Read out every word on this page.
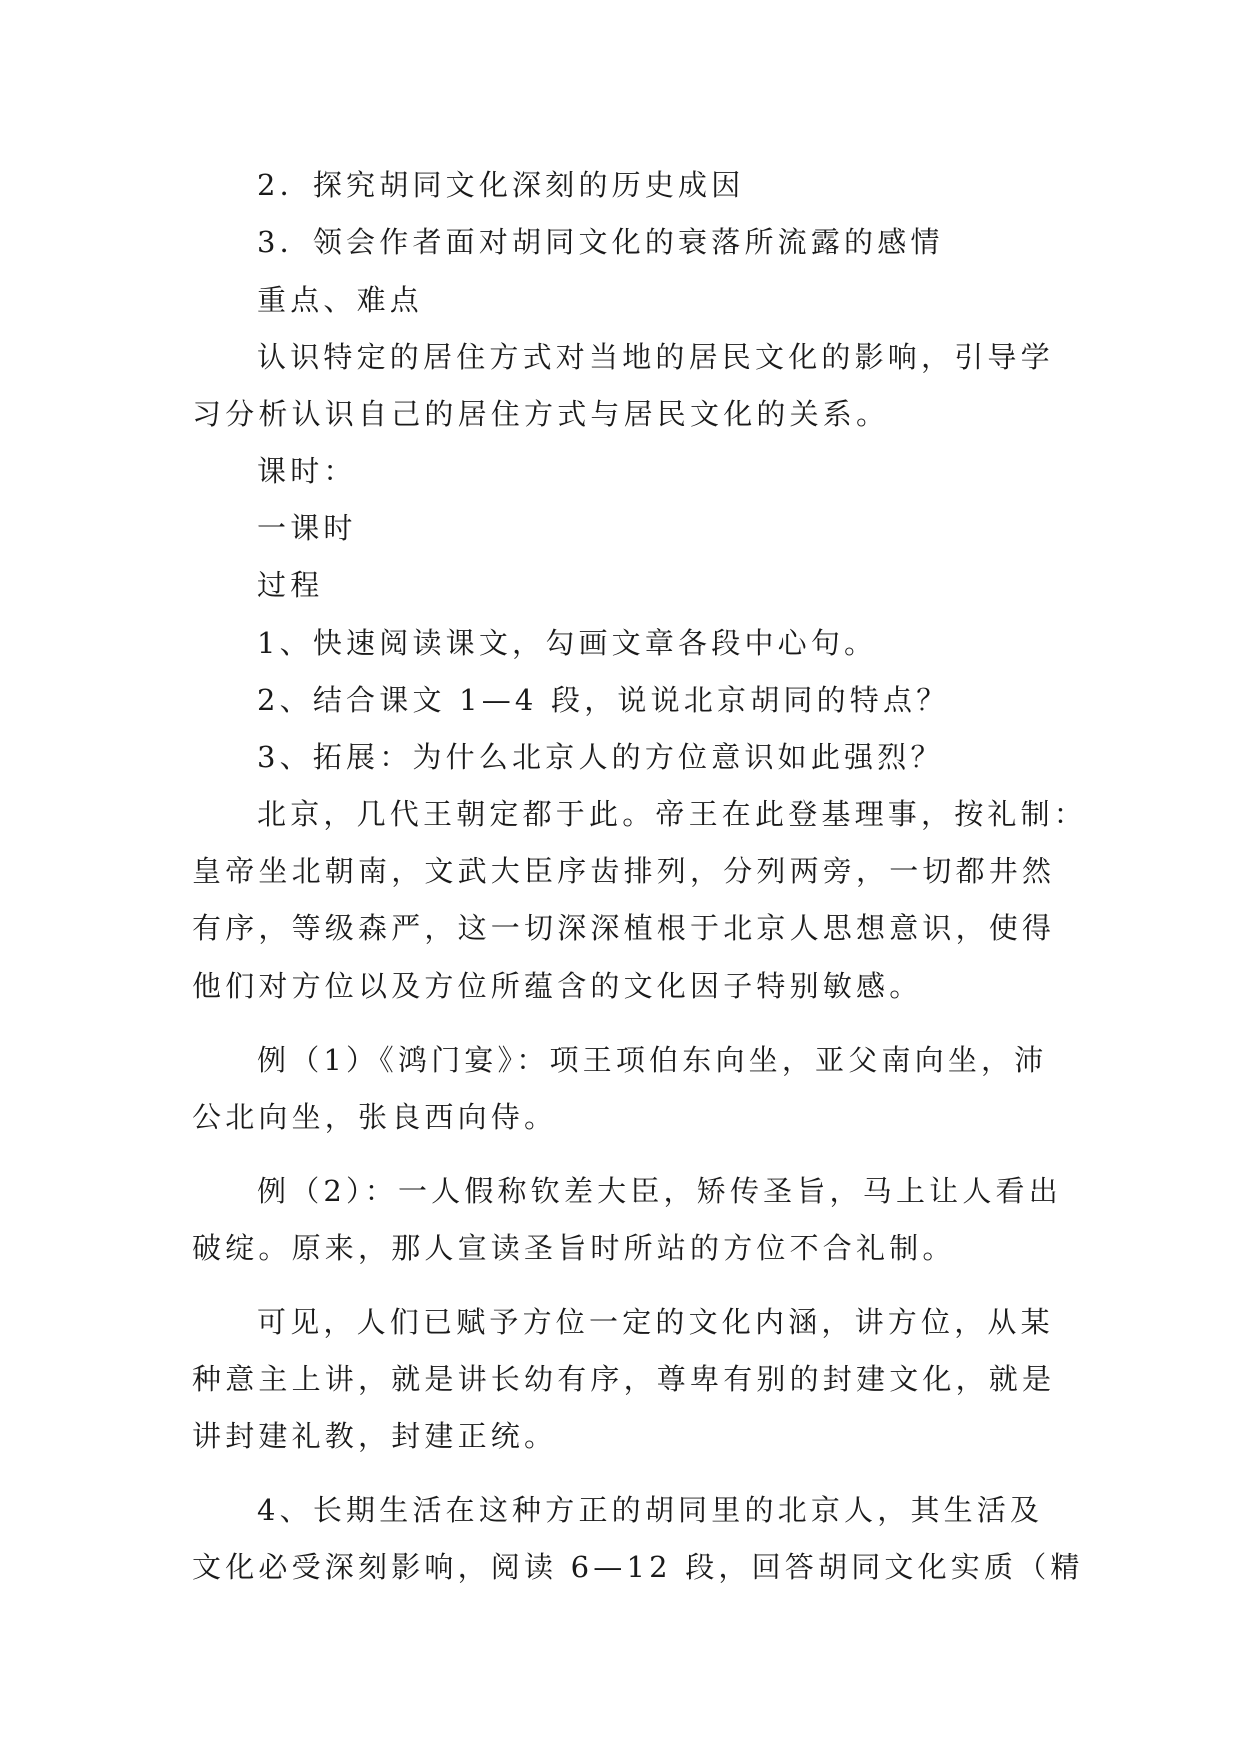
2．探究胡同文化深刻的历史成因
3．领会作者面对胡同文化的衰落所流露的感情
重点、难点
认识特定的居住方式对当地的居民文化的影响，引导学
习分析认识自己的居住方式与居民文化的关系。
课时：
一课时
过程
1、快速阅读课文，勾画文章各段中心句。
2、结合课文 1—4 段，说说北京胡同的特点？
3、拓展：为什么北京人的方位意识如此强烈？
北京，几代王朝定都于此。帝王在此登基理事，按礼制：
皇帝坐北朝南，文武大臣序齿排列，分列两旁，一切都井然
有序，等级森严，这一切深深植根于北京人思想意识，使得
他们对方位以及方位所蕴含的文化因子特别敏感。
例（1）《鸿门宴》：项王项伯东向坐，亚父南向坐，沛
公北向坐，张良西向侍。
例（2）：一人假称钦差大臣，矫传圣旨，马上让人看出
破绽。原来，那人宣读圣旨时所站的方位不合礼制。
可见，人们已赋予方位一定的文化内涵，讲方位，从某
种意主上讲，就是讲长幼有序，尊卑有别的封建文化，就是
讲封建礼教，封建正统。
4、长期生活在这种方正的胡同里的北京人，其生活及
文化必受深刻影响，阅读 6—12 段，回答胡同文化实质（精
